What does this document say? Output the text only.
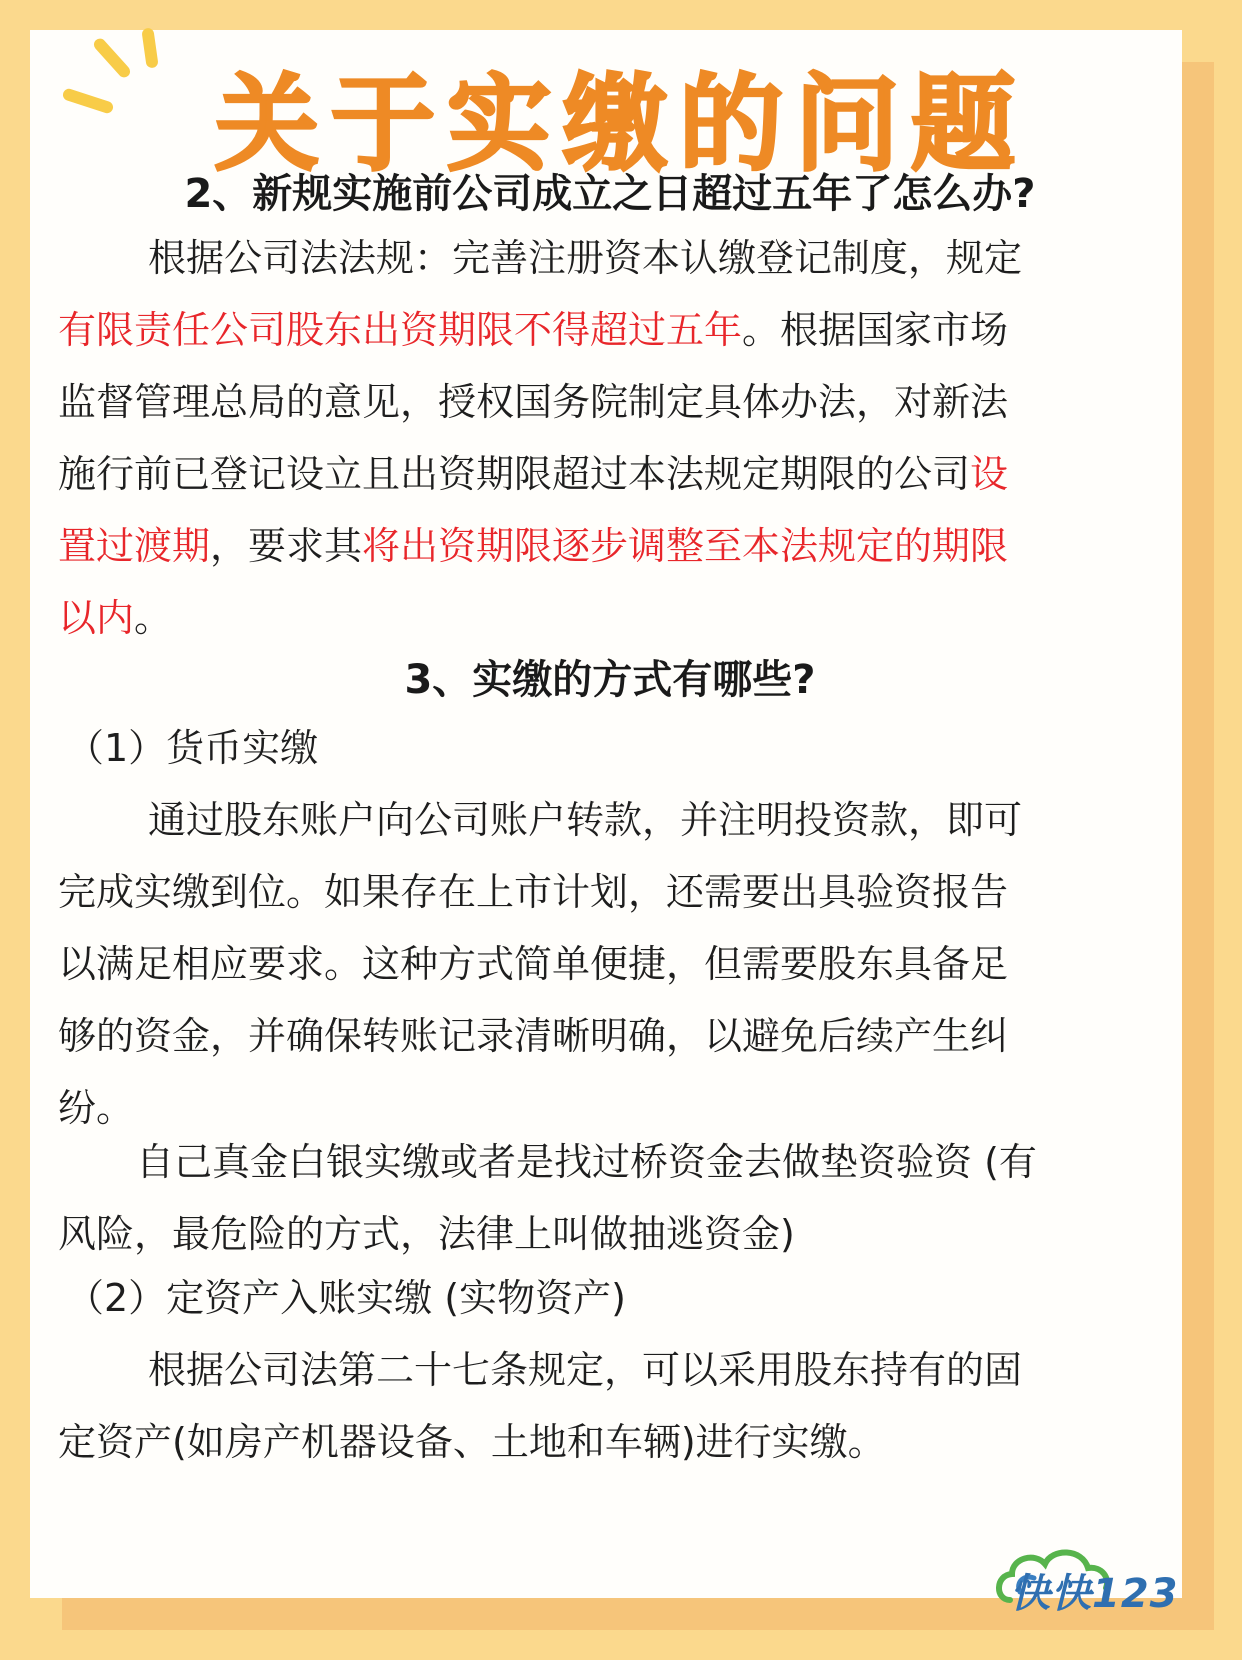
关于实缴的问题
2、新规实施前公司成立之日超过五年了怎么办?
根据公司法法规：完善注册资本认缴登记制度，规定
有限责任公司股东出资期限不得超过五年。根据国家市场
监督管理总局的意见，授权国务院制定具体办法，对新法
施行前已登记设立且出资期限超过本法规定期限的公司设
置过渡期，要求其将出资期限逐步调整至本法规定的期限
以内。
3、实缴的方式有哪些?
（1）货币实缴
通过股东账户向公司账户转款，并注明投资款，即可
完成实缴到位。如果存在上市计划，还需要出具验资报告
以满足相应要求。这种方式简单便捷，但需要股东具备足
够的资金，并确保转账记录清晰明确，以避免后续产生纠
纷。
自己真金白银实缴或者是找过桥资金去做垫资验资 (有
风险，最危险的方式，法律上叫做抽逃资金)
（2）定资产入账实缴 (实物资产)
根据公司法第二十七条规定，可以采用股东持有的固
定资产(如房产机器设备、土地和车辆)进行实缴。
快快123
